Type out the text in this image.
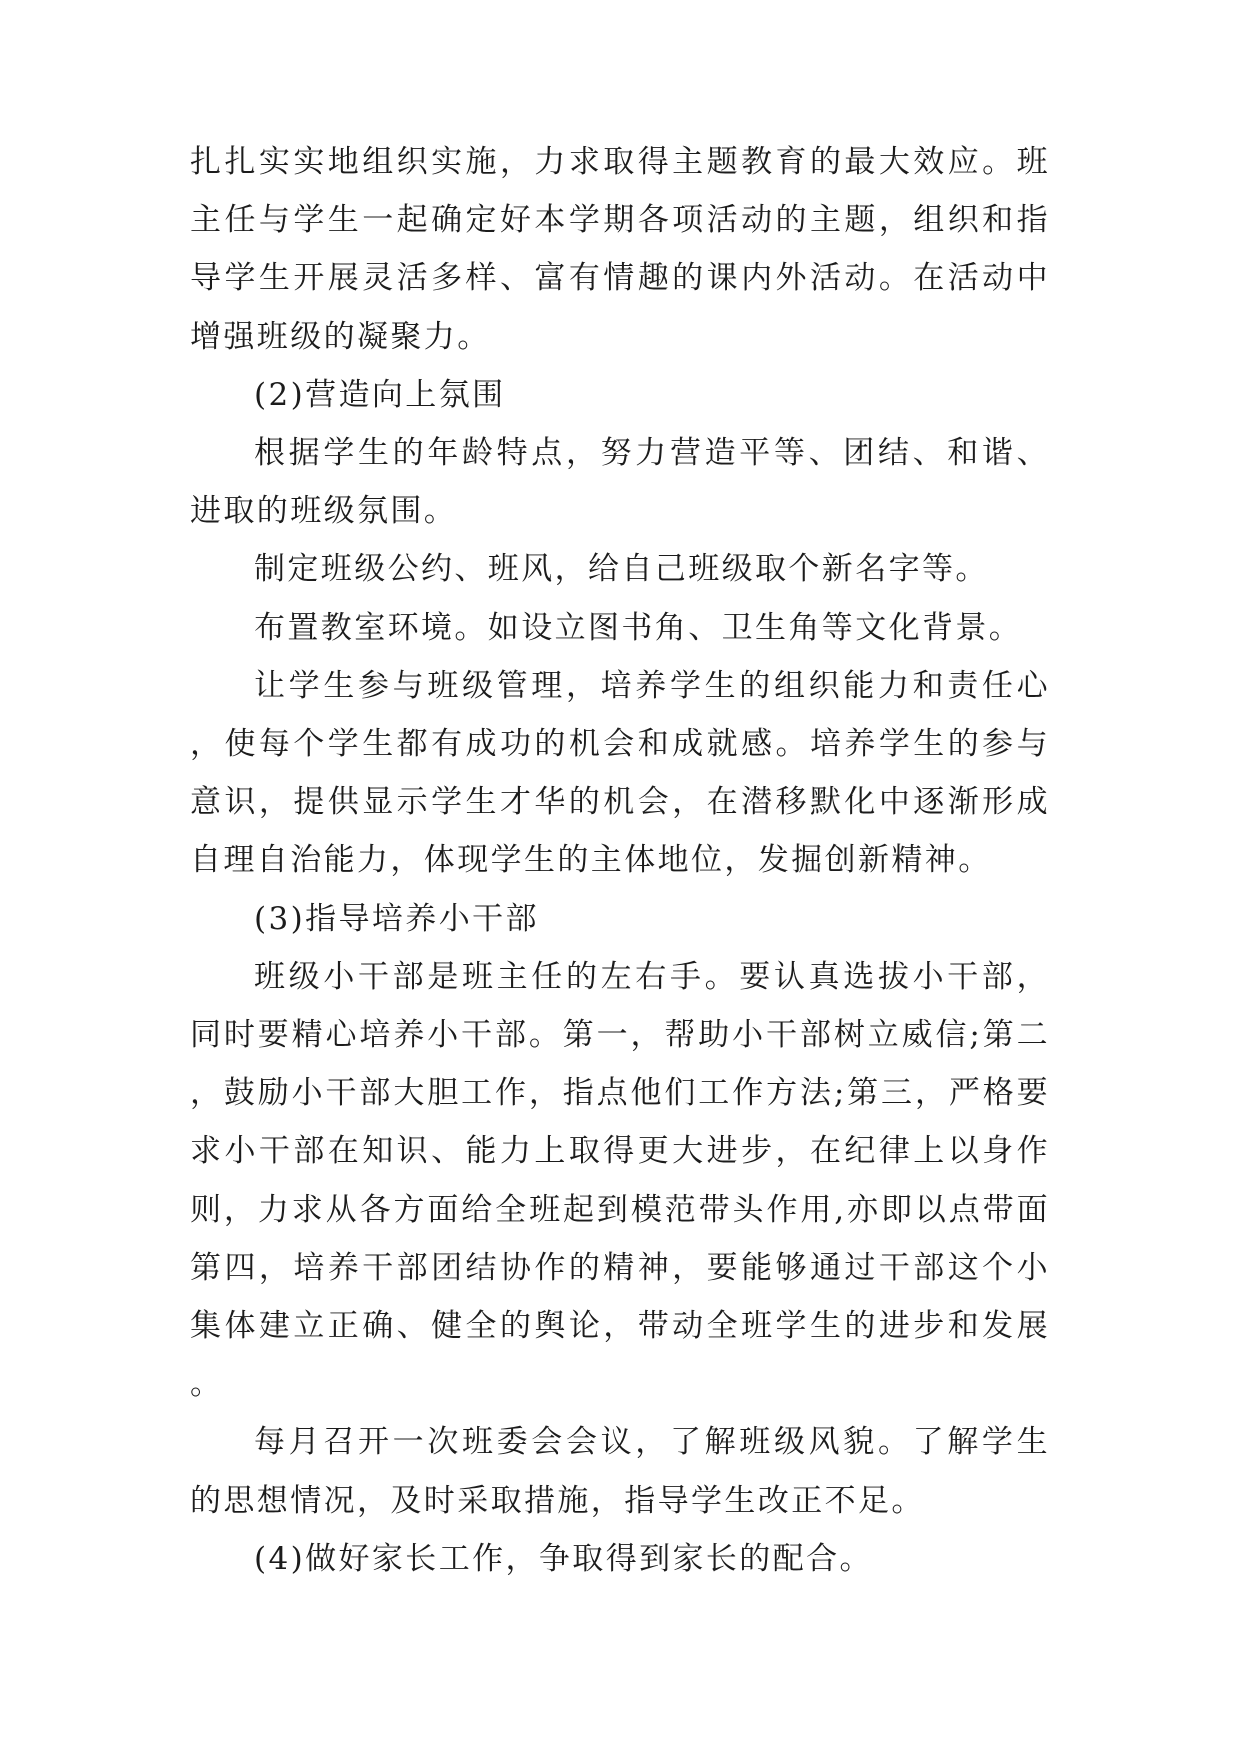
扎扎实实地组织实施，力求取得主题教育的最大效应。班主任与学生一起确定好本学期各项活动的主题，组织和指导学生开展灵活多样、富有情趣的课内外活动。在活动中增强班级的凝聚力。

(2)营造向上氛围

根据学生的年龄特点，努力营造平等、团结、和谐、进取的班级氛围。

制定班级公约、班风，给自己班级取个新名字等。

布置教室环境。如设立图书角、卫生角等文化背景。

让学生参与班级管理，培养学生的组织能力和责任心，使每个学生都有成功的机会和成就感。培养学生的参与意识，提供显示学生才华的机会，在潜移默化中逐渐形成自理自治能力，体现学生的主体地位，发掘创新精神。

(3)指导培养小干部

班级小干部是班主任的左右手。要认真选拔小干部，同时要精心培养小干部。第一，帮助小干部树立威信;第二，鼓励小干部大胆工作，指点他们工作方法;第三，严格要求小干部在知识、能力上取得更大进步，在纪律上以身作则，力求从各方面给全班起到模范带头作用,亦即以点带面第四，培养干部团结协作的精神，要能够通过干部这个小集体建立正确、健全的舆论，带动全班学生的进步和发展。

每月召开一次班委会会议，了解班级风貌。了解学生的思想情况，及时采取措施，指导学生改正不足。

(4)做好家长工作，争取得到家长的配合。
